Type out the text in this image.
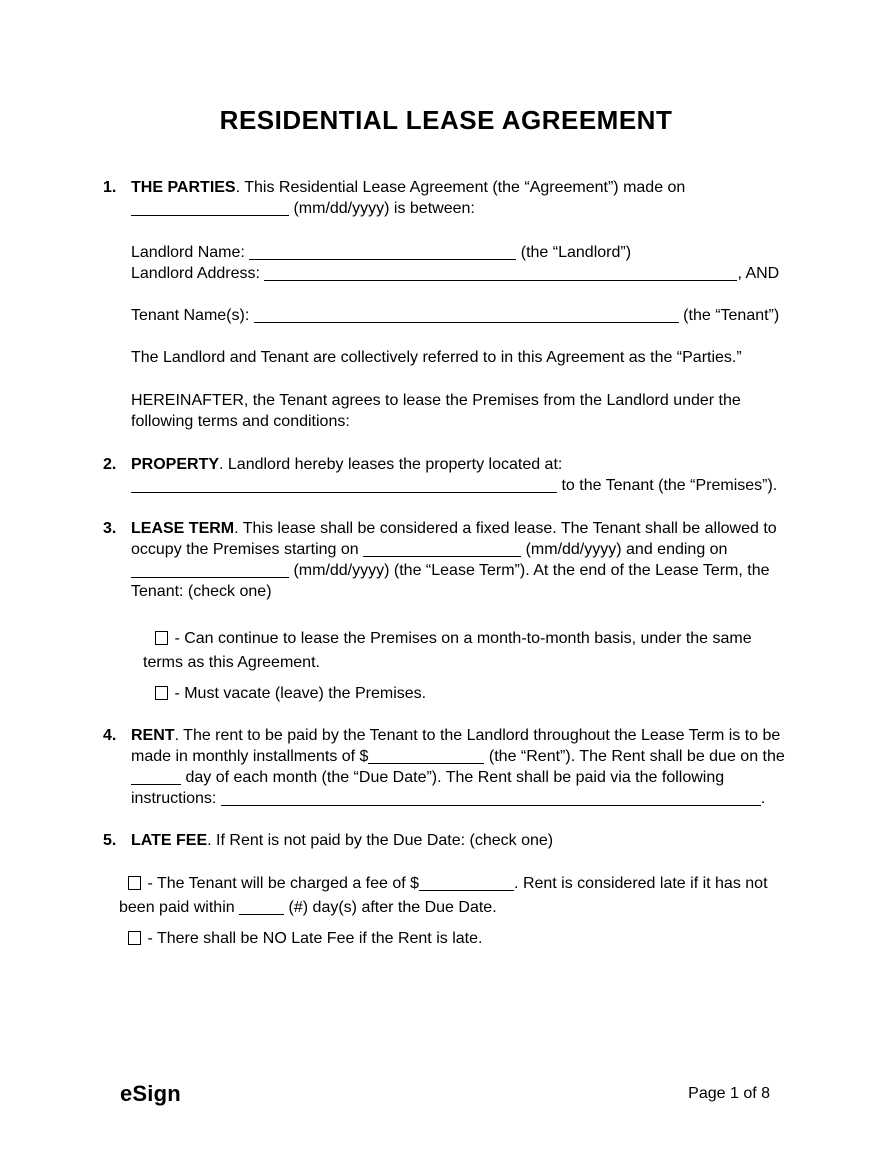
RESIDENTIAL LEASE AGREEMENT
1. THE PARTIES. This Residential Lease Agreement (the “Agreement”) made on  (mm/dd/yyyy) is between:
Landlord Name:	(the “Landlord”)
Landlord Address:	, AND
Tenant Name(s):	(the “Tenant”)
The Landlord and Tenant are collectively referred to in this Agreement as the “Parties.”
HEREINAFTER, the Tenant agrees to lease the Premises from the Landlord under the following terms and conditions:
2. PROPERTY. Landlord hereby leases the property located at:  to the Tenant (the “Premises”).
3. LEASE TERM. This lease shall be considered a fixed lease. The Tenant shall be allowed to occupy the Premises starting on	(mm/dd/yyyy) and ending on  (mm/dd/yyyy) (the “Lease Term”). At the end of the Lease Term, the Tenant: (check one)
- Can continue to lease the Premises on a month-to-month basis, under the same terms as this Agreement.
- Must vacate (leave) the Premises.
4. RENT. The rent to be paid by the Tenant to the Landlord throughout the Lease Term is to be made in monthly installments of $	(the “Rent”). The Rent shall be due on the  day of each month (the “Due Date”). The Rent shall be paid via the following instructions:	.
5. LATE FEE. If Rent is not paid by the Due Date: (check one)
- The Tenant will be charged a fee of $	. Rent is considered late if it has not been paid within	(#) day(s) after the Due Date.
- There shall be NO Late Fee if the Rent is late.
eSign	Page 1 of 8
